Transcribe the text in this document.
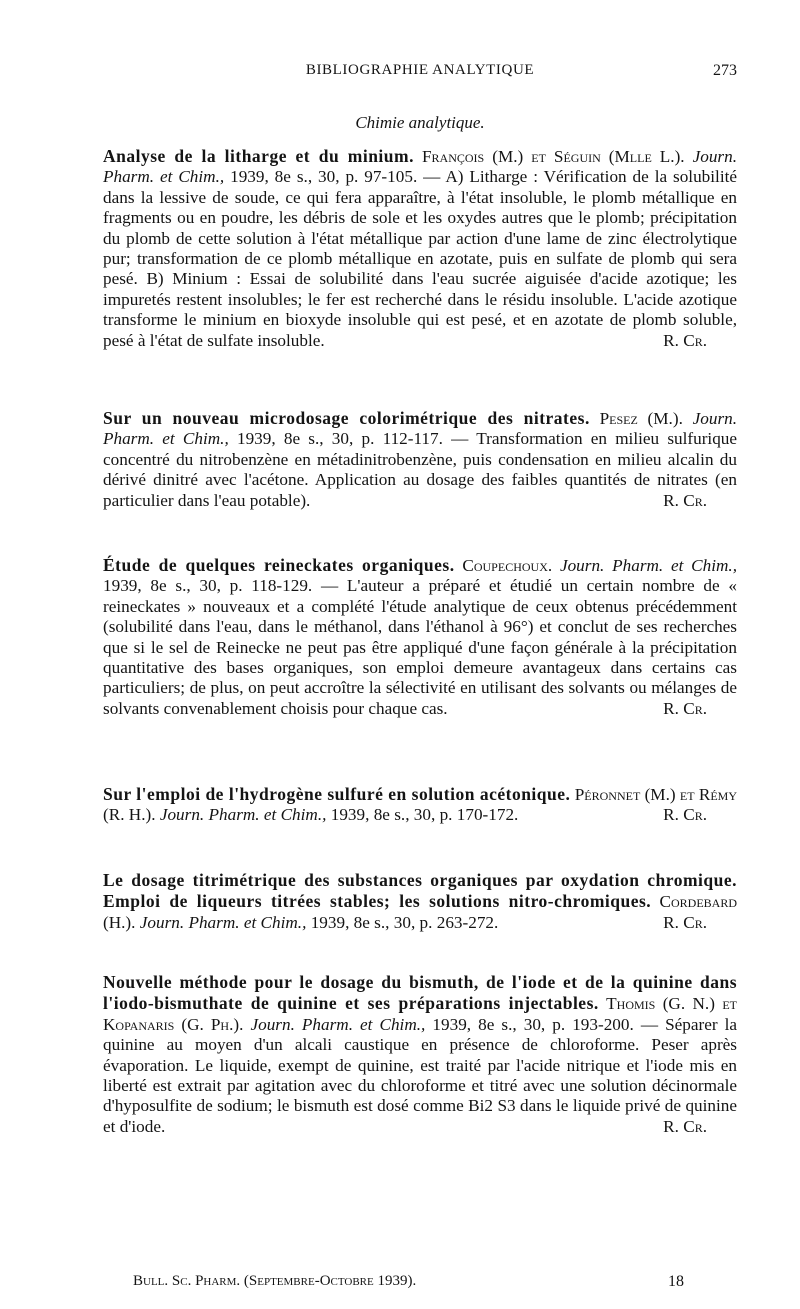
BIBLIOGRAPHIE ANALYTIQUE	273
Chimie analytique.

Analyse de la litharge et du minium. François (M.) et Séguin (Mlle L.). Journ. Pharm. et Chim., 1939, 8e s., 30, p. 97-105. — A) Litharge : Vérification de la solubilité dans la lessive de soude, ce qui fera apparaître, à l'état insoluble, le plomb métallique en fragments ou en poudre, les débris de sole et les oxydes autres que le plomb; précipitation du plomb de cette solution à l'état métallique par action d'une lame de zinc électrolytique pur; transformation de ce plomb métallique en azotate, puis en sulfate de plomb qui sera pesé. B) Minium : Essai de solubilité dans l'eau sucrée aiguisée d'acide azotique; les impuretés restent insolubles; le fer est recherché dans le résidu insoluble. L'acide azotique transforme le minium en bioxyde insoluble qui est pesé, et en azotate de plomb soluble, pesé à l'état de sulfate insoluble.	R. Cr.

Sur un nouveau microdosage colorimétrique des nitrates. Pesez (M.). Journ. Pharm. et Chim., 1939, 8e s., 30, p. 112-117. — Transformation en milieu sulfurique concentré du nitrobenzène en métadinitrobenzène, puis condensation en milieu alcalin du dérivé dinitré avec l'acétone. Application au dosage des faibles quantités de nitrates (en particulier dans l'eau potable).	R. Cr.

Étude de quelques reineckates organiques. Coupechoux. Journ. Pharm. et Chim., 1939, 8e s., 30, p. 118-129. — L'auteur a préparé et étudié un certain nombre de « reineckates » nouveaux et a complété l'étude analytique de ceux obtenus précédemment (solubilité dans l'eau, dans le méthanol, dans l'éthanol à 96°) et conclut de ses recherches que si le sel de Reinecke ne peut pas être appliqué d'une façon générale à la précipitation quantitative des bases organiques, son emploi demeure avantageux dans certains cas particuliers; de plus, on peut accroître la sélectivité en utilisant des solvants ou mélanges de solvants convenablement choisis pour chaque cas.	R. Cr.

Sur l'emploi de l'hydrogène sulfuré en solution acétonique. Péronnet (M.) et Rémy (R. H.). Journ. Pharm. et Chim., 1939, 8e s., 30, p. 170-172.	R. Cr.

Le dosage titrimétrique des substances organiques par oxydation chromique. Emploi de liqueurs titrées stables; les solutions nitro-chromiques. Cordebard (H.). Journ. Pharm. et Chim., 1939, 8e s., 30, p. 263-272.	R. Cr.

Nouvelle méthode pour le dosage du bismuth, de l'iode et de la quinine dans l'iodo-bismuthate de quinine et ses préparations injectables. Thomis (G. N.) et Kopanaris (G. Ph.). Journ. Pharm. et Chim., 1939, 8e s., 30, p. 193-200. — Séparer la quinine au moyen d'un alcali caustique en présence de chloroforme. Peser après évaporation. Le liquide, exempt de quinine, est traité par l'acide nitrique et l'iode mis en liberté est extrait par agitation avec du chloroforme et titré avec une solution décinormale d'hyposulfite de sodium; le bismuth est dosé comme Bi2 S3 dans le liquide privé de quinine et d'iode.	R. Cr.

Bull. Sc. Pharm. (Septembre-Octobre 1939).	18
